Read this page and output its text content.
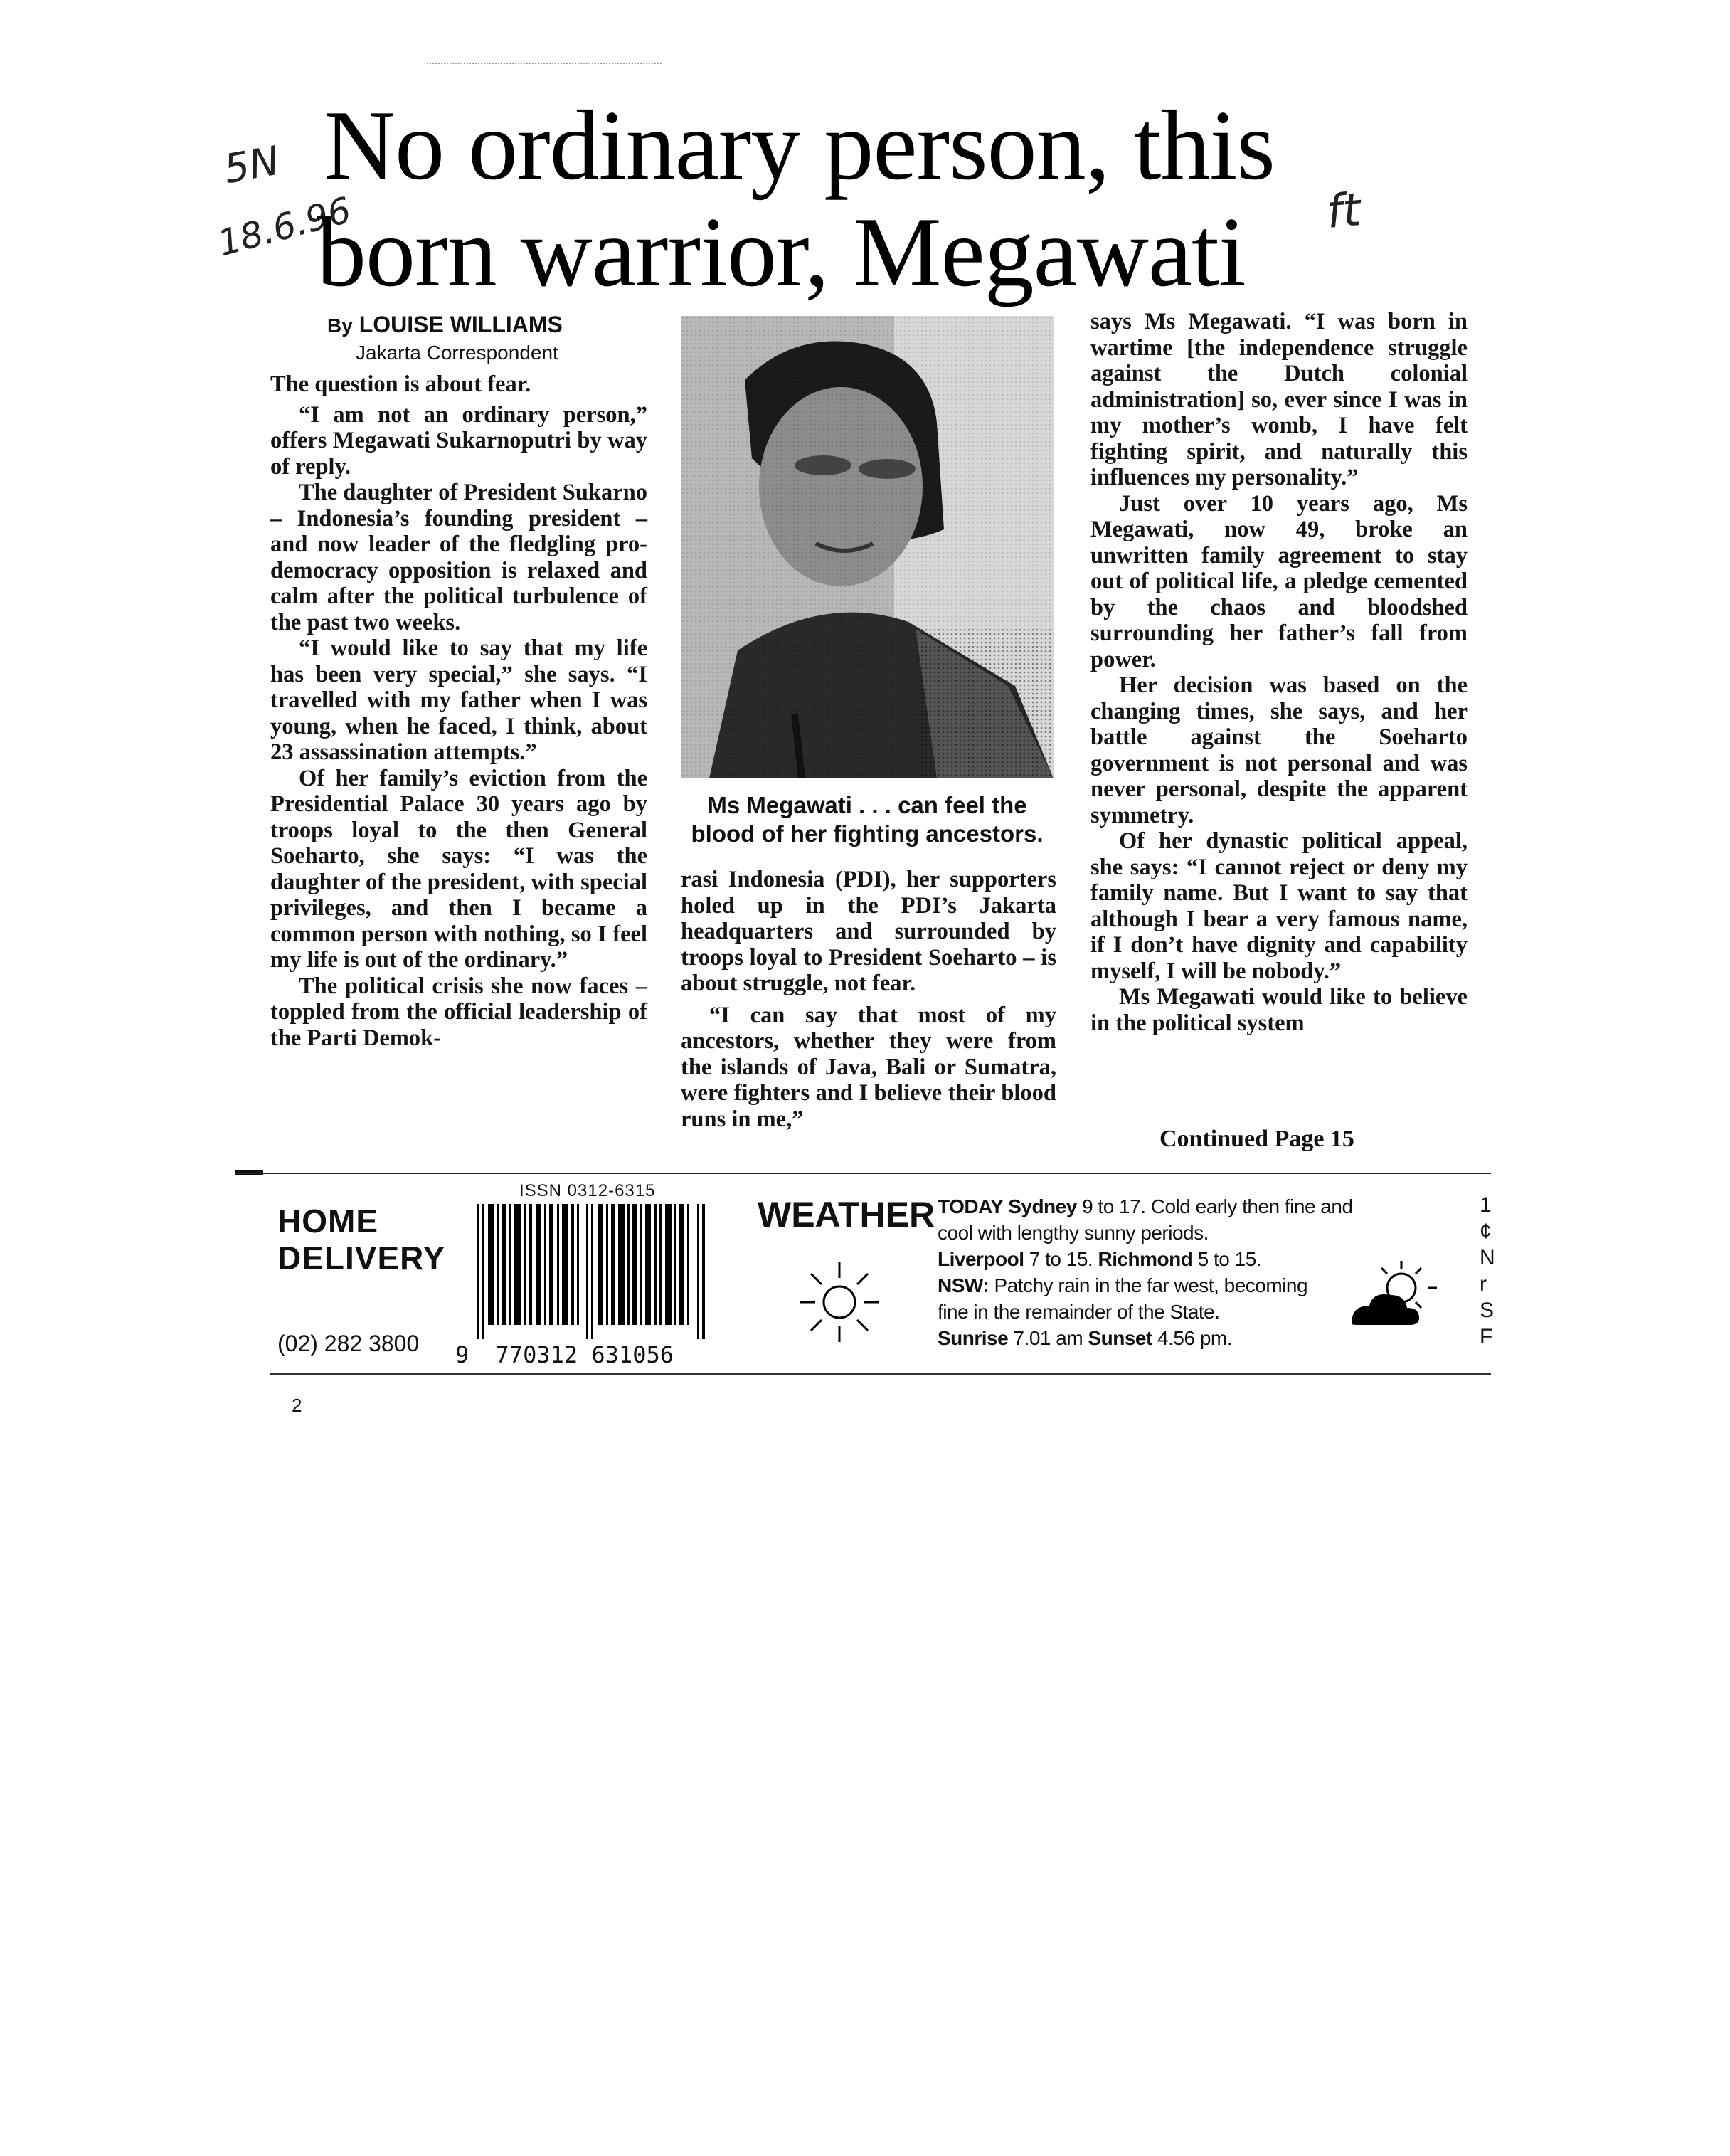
5N
18.6.96	ft
No ordinary person, this
born warrior, Megawati
By LOUISE WILLIAMS
Jakarta Correspondent

The question is about fear.

“I am not an ordinary person,” offers Megawati Sukarnoputri by way of reply.

The daughter of President Sukarno – Indonesia’s founding president – and now leader of the fledgling pro-democracy opposition is relaxed and calm after the political turbulence of the past two weeks.

“I would like to say that my life has been very special,” she says. “I travelled with my father when I was young, when he faced, I think, about 23 assassination attempts.”

Of her family’s eviction from the Presidential Palace 30 years ago by troops loyal to the then General Soeharto, she says: “I was the daughter of the president, with special privileges, and then I became a common person with nothing, so I feel my life is out of the ordinary.”

The political crisis she now faces – toppled from the official leadership of the Parti Demok-

Ms Megawati . . . can feel the blood of her fighting ancestors.

rasi Indonesia (PDI), her supporters holed up in the PDI’s Jakarta headquarters and surrounded by troops loyal to President Soeharto – is about struggle, not fear.

“I can say that most of my ancestors, whether they were from the islands of Java, Bali or Sumatra, were fighters and I believe their blood runs in me,”

says Ms Megawati. “I was born in wartime [the independence struggle against the Dutch colonial administration] so, ever since I was in my mother’s womb, I have felt fighting spirit, and naturally this influences my personality.”

Just over 10 years ago, Ms Megawati, now 49, broke an unwritten family agreement to stay out of political life, a pledge cemented by the chaos and bloodshed surrounding her father’s fall from power.

Her decision was based on the changing times, she says, and her battle against the Soeharto government is not personal and was never personal, despite the apparent symmetry.

Of her dynastic political appeal, she says: “I cannot reject or deny my family name. But I want to say that although I bear a very famous name, if I don’t have dignity and capability myself, I will be nobody.”

Ms Megawati would like to believe in the political system

Continued Page 15
HOME
DELIVERY
(02) 282 3800
ISSN 0312-6315
9 770312 631056
WEATHER TODAY Sydney 9 to 17. Cold early then fine and cool with lengthy sunny periods.
Liverpool 7 to 15. Richmond 5 to 15.
NSW: Patchy rain in the far west, becoming fine in the remainder of the State.
Sunrise 7.01 am Sunset 4.56 pm.
1
¢
N
r
S
F
2
